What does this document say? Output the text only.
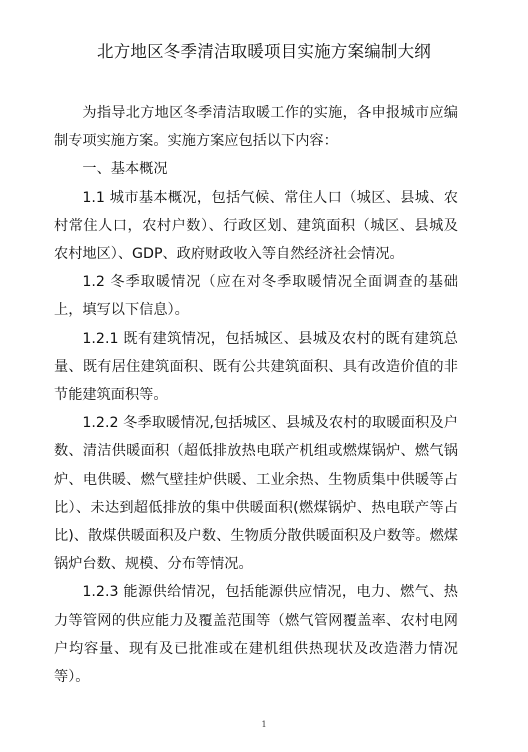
北方地区冬季清洁取暖项目实施方案编制大纲

为指导北方地区冬季清洁取暖工作的实施，各申报城市应编制专项实施方案。实施方案应包括以下内容：

一、基本概况

1.1 城市基本概况，包括气候、常住人口（城区、县城、农村常住人口，农村户数）、行政区划、建筑面积（城区、县城及农村地区）、GDP、政府财政收入等自然经济社会情况。

1.2 冬季取暖情况（应在对冬季取暖情况全面调查的基础上，填写以下信息）。

1.2.1 既有建筑情况，包括城区、县城及农村的既有建筑总量、既有居住建筑面积、既有公共建筑面积、具有改造价值的非节能建筑面积等。

1.2.2 冬季取暖情况,包括城区、县城及农村的取暖面积及户数、清洁供暖面积（超低排放热电联产机组或燃煤锅炉、燃气锅炉、电供暖、燃气壁挂炉供暖、工业余热、生物质集中供暖等占比）、未达到超低排放的集中供暖面积(燃煤锅炉、热电联产等占比)、散煤供暖面积及户数、生物质分散供暖面积及户数等。燃煤锅炉台数、规模、分布等情况。

1.2.3 能源供给情况，包括能源供应情况，电力、燃气、热力等管网的供应能力及覆盖范围等（燃气管网覆盖率、农村电网户均容量、现有及已批准或在建机组供热现状及改造潜力情况等）。

1
